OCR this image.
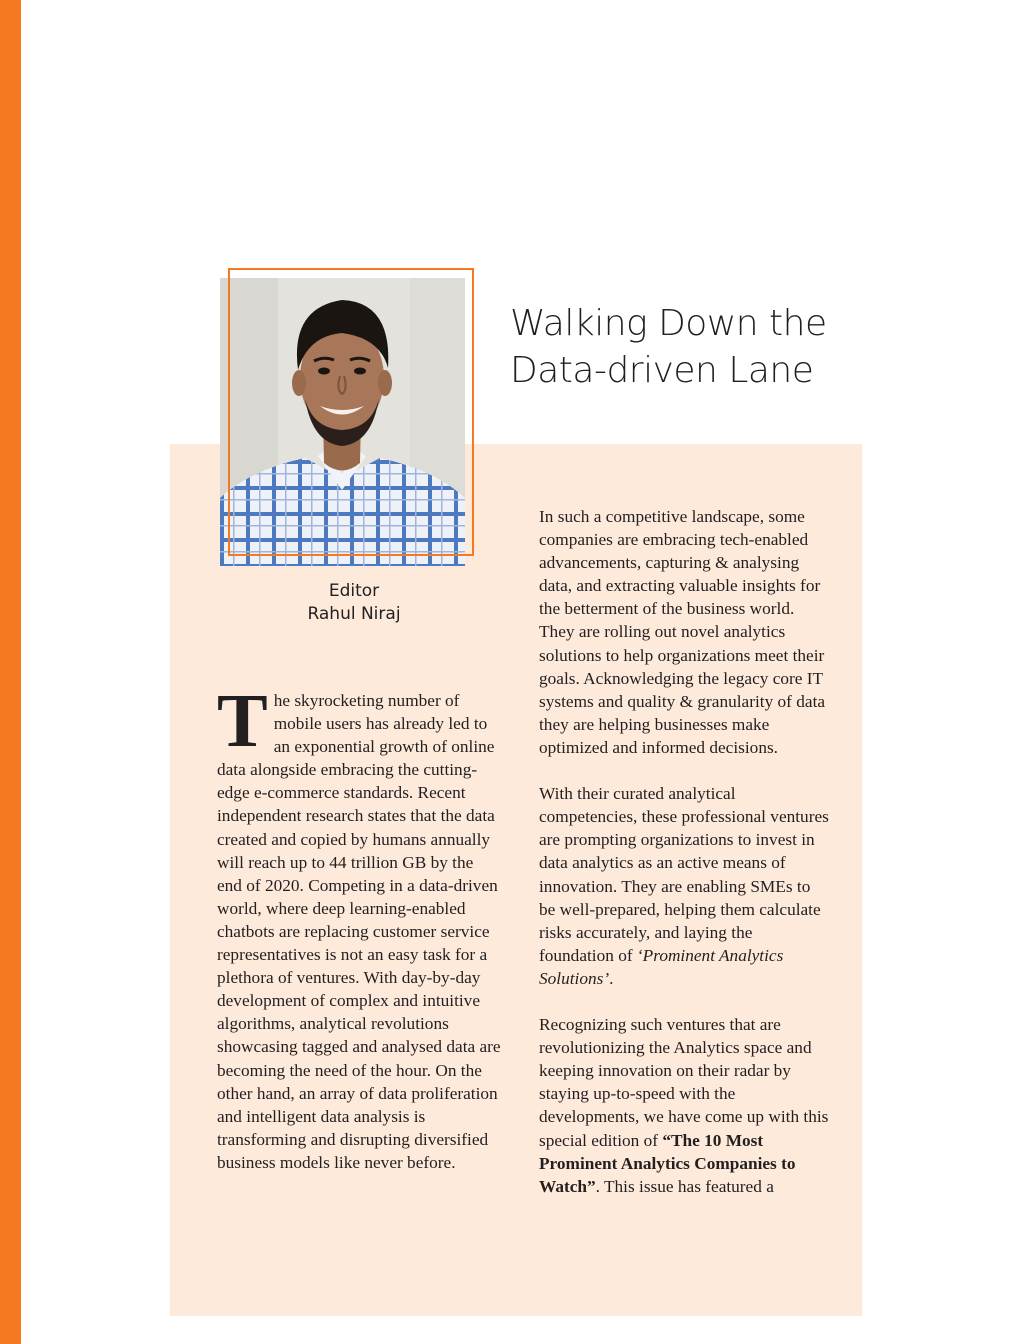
Walking Down the
Data-driven Lane
Editor
Rahul Niraj

The skyrocketing number of mobile users has already led to an exponential growth of online data alongside embracing the cutting-edge e-commerce standards. Recent independent research states that the data created and copied by humans annually will reach up to 44 trillion GB by the end of 2020. Competing in a data-driven world, where deep learning-enabled chatbots are replacing customer service representatives is not an easy task for a plethora of ventures. With day-by-day development of complex and intuitive algorithms, analytical revolutions showcasing tagged and analysed data are becoming the need of the hour. On the other hand, an array of data proliferation and intelligent data analysis is transforming and disrupting diversified business models like never before.

In such a competitive landscape, some companies are embracing tech-enabled advancements, capturing & analysing data, and extracting valuable insights for the betterment of the business world. They are rolling out novel analytics solutions to help organizations meet their goals. Acknowledging the legacy core IT systems and quality & granularity of data they are helping businesses make optimized and informed decisions.

With their curated analytical competencies, these professional ventures are prompting organizations to invest in data analytics as an active means of innovation. They are enabling SMEs to be well-prepared, helping them calculate risks accurately, and laying the foundation of ‘Prominent Analytics Solutions’.

Recognizing such ventures that are revolutionizing the Analytics space and keeping innovation on their radar by staying up-to-speed with the developments, we have come up with this special edition of “The 10 Most Prominent Analytics Companies to Watch”. This issue has featured a
